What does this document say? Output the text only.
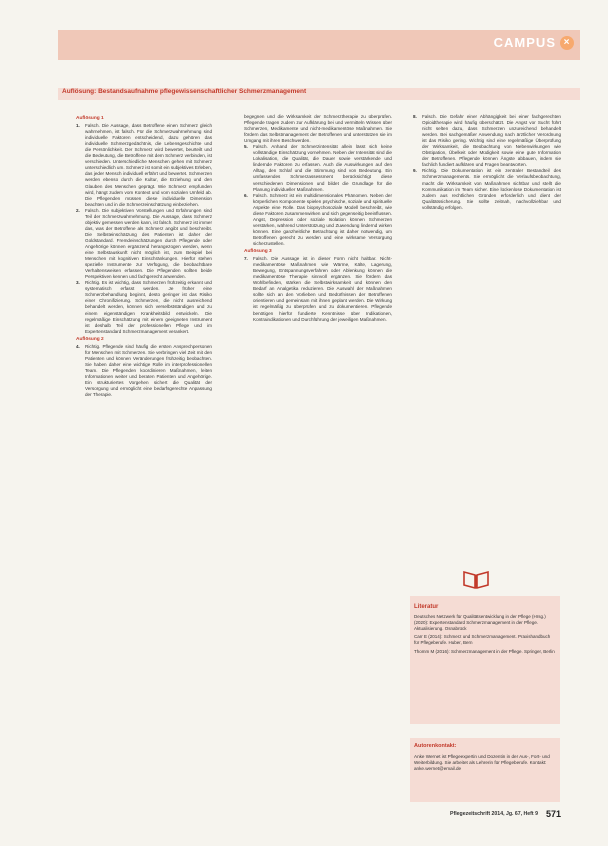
CAMPUS ×
Auflösung: Bestandsaufnahme pflegewissenschaftlicher Schmerzmanagement
Auflösung 1
1.	Falsch. Die Aussage, dass Betroffene einen Schmerz gleich wahrnehmen, ist falsch. Für die Schmerzwahrnehmung sind individuelle Faktoren entscheidend, dazu gehören das individuelle Schmerzgedächtnis, die Lebensgeschichte und die Persönlichkeit. Der Schmerz wird bewertet, beurteilt und die Bedeutung, die Betroffene mit dem Schmerz verbinden, ist verschieden. Unterschiedliche Menschen gehen mit Schmerz unterschiedlich um. Schmerz ist somit ein subjektives Erleben, das jeder Mensch individuell erfährt und bewertet. Schmerzen werden ebenso durch die Kultur, die Erziehung und den Glauben des Menschen geprägt. Wie Schmerz empfunden wird, hängt zudem vom Kontext und vom sozialen Umfeld ab. Die Pflegenden müssen diese individuelle Dimension beachten und in die Schmerzeinschätzung einbeziehen.
2.	Falsch. Die subjektiven Vorstellungen und Erfahrungen sind Teil der Schmerzwahrnehmung. Die Aussage, dass Schmerz objektiv gemessen werden kann, ist falsch. Schmerz ist immer das, was der Betroffene als Schmerz angibt und beschreibt. Die Selbsteinschätzung des Patienten ist daher der Goldstandard. Fremdeinschätzungen durch Pflegende oder Angehörige können ergänzend herangezogen werden, wenn eine Selbstauskunft nicht möglich ist, zum Beispiel bei Menschen mit kognitiven Einschränkungen. Hierfür stehen spezielle Instrumente zur Verfügung, die beobachtbare Verhaltensweisen erfassen. Die Pflegenden sollten beide Perspektiven kennen und fachgerecht anwenden.
3.	Richtig. Es ist wichtig, dass Schmerzen frühzeitig erkannt und systematisch erfasst werden. Je früher eine Schmerzbehandlung beginnt, desto geringer ist das Risiko einer Chronifizierung. Schmerzen, die nicht ausreichend behandelt werden, können sich verselbstständigen und zu einem eigenständigen Krankheitsbild entwickeln. Die regelmäßige Einschätzung mit einem geeigneten Instrument ist deshalb Teil der professionellen Pflege und im Expertenstandard Schmerzmanagement verankert.
Auflösung 2
4.	Richtig. Pflegende sind häufig die ersten Ansprechpersonen für Menschen mit Schmerzen. Sie verbringen viel Zeit mit den Patienten und können Veränderungen frühzeitig beobachten. Sie haben daher eine wichtige Rolle im interprofessionellen Team. Die Pflegenden koordinieren Maßnahmen, leiten Informationen weiter und beraten Patienten und Angehörige. Ein strukturiertes Vorgehen sichert die Qualität der Versorgung und ermöglicht eine bedarfsgerechte Anpassung der Therapie.
begegnen und die Wirksamkeit der Schmerztherapie zu überprüfen. Pflegende tragen zudem zur Aufklärung bei und vermitteln Wissen über Schmerzen, Medikamente und nicht-medikamentöse Maßnahmen. Sie fördern das Selbstmanagement der Betroffenen und unterstützen sie im Umgang mit ihren Beschwerden.
5.	Falsch. Anhand der Schmerzintensität allein lässt sich keine vollständige Einschätzung vornehmen. Neben der Intensität sind die Lokalisation, die Qualität, die Dauer sowie verstärkende und lindernde Faktoren zu erfassen. Auch die Auswirkungen auf den Alltag, den Schlaf und die Stimmung sind von Bedeutung. Ein umfassendes Schmerzassessment berücksichtigt diese verschiedenen Dimensionen und bildet die Grundlage für die Planung individueller Maßnahmen.
6.	Falsch. Schmerz ist ein multidimensionales Phänomen. Neben der körperlichen Komponente spielen psychische, soziale und spirituelle Aspekte eine Rolle. Das biopsychosoziale Modell beschreibt, wie diese Faktoren zusammenwirken und sich gegenseitig beeinflussen. Angst, Depression oder soziale Isolation können Schmerzen verstärken, während Unterstützung und Zuwendung lindernd wirken können. Eine ganzheitliche Betrachtung ist daher notwendig, um Betroffenen gerecht zu werden und eine wirksame Versorgung sicherzustellen.
Auflösung 3
7.	Falsch. Die Aussage ist in dieser Form nicht haltbar. Nicht-medikamentöse Maßnahmen wie Wärme, Kälte, Lagerung, Bewegung, Entspannungsverfahren oder Ablenkung können die medikamentöse Therapie sinnvoll ergänzen. Sie fördern das Wohlbefinden, stärken die Selbstwirksamkeit und können den Bedarf an Analgetika reduzieren. Die Auswahl der Maßnahmen sollte sich an den Vorlieben und Bedürfnissen der Betroffenen orientieren und gemeinsam mit ihnen geplant werden. Die Wirkung ist regelmäßig zu überprüfen und zu dokumentieren. Pflegende benötigen hierfür fundierte Kenntnisse über Indikationen, Kontraindikationen und Durchführung der jeweiligen Maßnahmen.
8.	Falsch. Die Gefahr einer Abhängigkeit bei einer fachgerechten Opioidtherapie wird häufig überschätzt. Die Angst vor Sucht führt nicht selten dazu, dass Schmerzen unzureichend behandelt werden. Bei sachgemäßer Anwendung nach ärztlicher Verordnung ist das Risiko gering. Wichtig sind eine regelmäßige Überprüfung der Wirksamkeit, die Beobachtung von Nebenwirkungen wie Obstipation, Übelkeit oder Müdigkeit sowie eine gute Information der Betroffenen. Pflegende können Ängste abbauen, indem sie fachlich fundiert aufklären und Fragen beantworten.
9.	Richtig. Die Dokumentation ist ein zentraler Bestandteil des Schmerzmanagements. Sie ermöglicht die Verlaufsbeobachtung, macht die Wirksamkeit von Maßnahmen sichtbar und stellt die Kommunikation im Team sicher. Eine lückenlose Dokumentation ist zudem aus rechtlichen Gründen erforderlich und dient der Qualitätssicherung. Sie sollte zeitnah, nachvollziehbar und vollständig erfolgen.
Literatur
Deutsches Netzwerk für Qualitätsentwicklung in der Pflege (Hrsg.) (2020): Expertenstandard Schmerzmanagement in der Pflege. Aktualisierung. Osnabrück
Carr E (2014): Schmerz und Schmerzmanagement. Praxishandbuch für Pflegeberufe. Huber, Bern
Thomm M (2016): Schmerzmanagement in der Pflege. Springer, Berlin
Autorenkontakt:
Anke Wernet ist Pflegeexpertin und Dozentin in der Aus-, Fort- und Weiterbildung. Sie arbeitet als Lehrerin für Pflegeberufe. Kontakt: anke.wernet@email.de
Pflegezeitschrift 2014, Jg. 67, Heft 9 571
